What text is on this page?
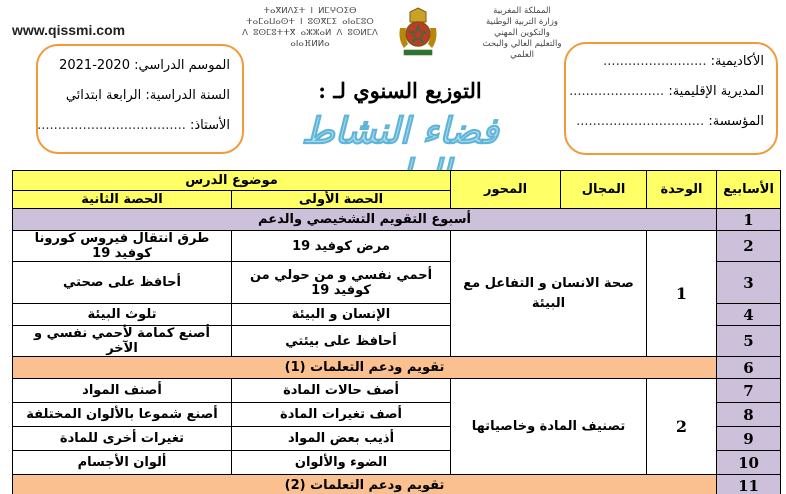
www.qissmi.com
ⵜⴰⴳⵍⴷⵉⵜ ⵏ ⵍⵎⵖⵔⵉⴱ
ⵜⴰⵎⴰⵡⴰⵙⵜ ⵏ ⵓⵙⴳⵎⵉ ⴰⵏⴰⵎⵓⵔ
ⴷ ⵓⵙⵎⵓⵜⵜⴳ ⴰⵣⵣⴰⵍ ⴷ ⵓⵙⵍⵎⴷ ⴰⵏⴰⴼⵍⵍⴰ
المملكة المغربية
وزارة التربية الوطنية والتكوين المهني
والتعليم العالي والبحث العلمي
الموسم الدراسي: 2020-2021
السنة الدراسية: الرابعة ابتدائي
الأستاذ: ....................................
الأكاديمية: .........................
المديرية الإقليمية: .......................
المؤسسة: ...............................
التوزيع السنوي لـ :
فضاء النشاط
الأسابيع	الوحدة	المجال	المحور	موضوع الدرس	
				الحصة الأولى	الحصة الثانية
1	أسبوع التقويم التشخيصي والدعم				
2	1	صحة الانسان و التفاعل مع البيئة		مرض كوفيد 19	طرق انتقال فيروس كورونا كوفيد 19
3				أحمي نفسي و من حولي من كوفيد 19	أحافظ على صحتي
4				الإنسان و البيئة	تلوث البيئة
5				أحافظ على بيئتي	أصنع كمامة لأحمي نفسي و الآخر
6	تقويم ودعم التعلمات (1)				
7	2	تصنيف المادة وخاصياتها		أصف حالات المادة	أصنف المواد
8				أصف تغيرات المادة	أصنع شموعا بالألوان المختلفة
9				أذيب بعض المواد	تغيرات أخرى للمادة
10				الضوء والألوان	ألوان الأجسام
11	تقويم ودعم التعلمات (2)				
